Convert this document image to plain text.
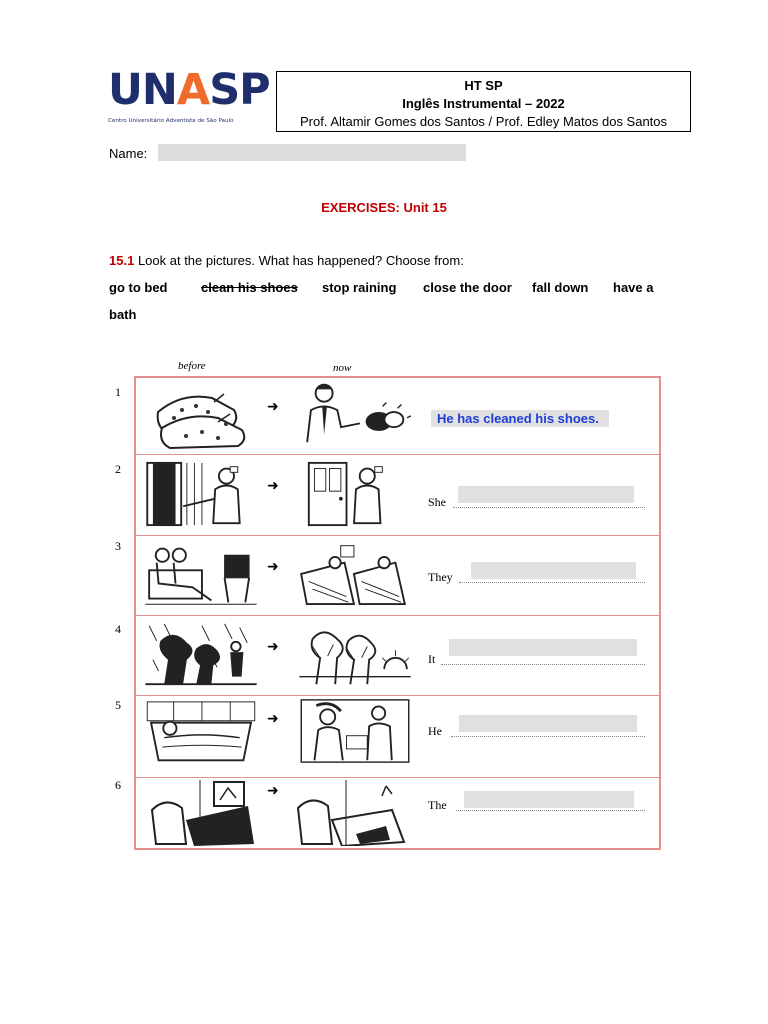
UNASP
Centro Universitário Adventista de São Paulo
HT SP
Inglês Instrumental – 2022
Prof. Altamir Gomes dos Santos / Prof. Edley Matos dos Santos
Name:
EXERCISES: Unit 15
15.1 Look at the pictures. What has happened? Choose from:
go to bed	clean his shoes stop raining close the door fall down have a
bath
before	now
1
2
3
4
5
6
➜
He has cleaned his shoes.
➜
She
➜
They
➜
It
➜
He
➜
The
